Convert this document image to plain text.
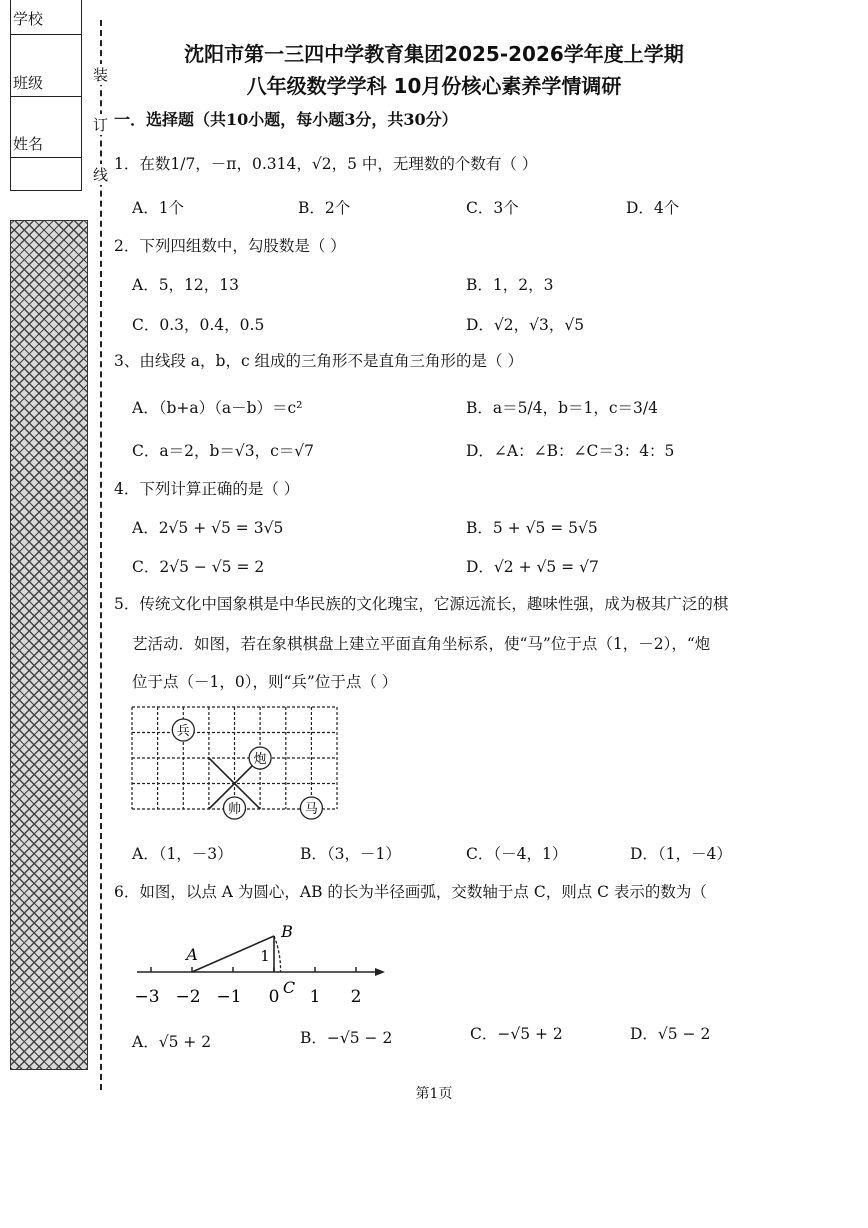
学校
班级
姓名
装
订
线
沈阳市第一三四中学教育集团2025-2026学年度上学期
八年级数学学科 10月份核心素养学情调研
一．选择题（共10小题，每小题3分，共30分）
1．在数1/7，－π，0.314，√2，5 中，无理数的个数有（ ）
A．1个	B．2个	C．3个	D．4个
2．下列四组数中，勾股数是（ ）
A．5，12，13	B．1，2，3
C．0.3，0.4，0.5	D．√2，√3，√5
3、由线段 a，b，c 组成的三角形不是直角三角形的是（ ）
A．（b+a）（a－b）＝c²	B．a＝5/4，b＝1，c＝3/4
C．a＝2，b＝√3，c＝√7	D．∠A：∠B：∠C＝3：4：5
4．下列计算正确的是（ ）
A．2√5 + √5 = 3√5	B．5 + √5 = 5√5
C．2√5 − √5 = 2	D．√2 + √5 = √7
5．传统文化中国象棋是中华民族的文化瑰宝，它源远流长，趣味性强，成为极其广泛的棋
艺活动．如图，若在象棋棋盘上建立平面直角坐标系，使“马”位于点（1，－2），“炮
位于点（－1，0），则“兵”位于点（ ）
兵
炮
帅	马
A．（1，－3）	B．（3，－1）	C．（－4，1）	D．（1，－4）
6．如图，以点 A 为圆心，AB 的长为半径画弧，交数轴于点 C，则点 C 表示的数为（
A
B
C
1
−3 −2 −1 0 1 2
A．√5 + 2	B．−√5 − 2	C．−√5 + 2	D．√5 − 2
第1页
